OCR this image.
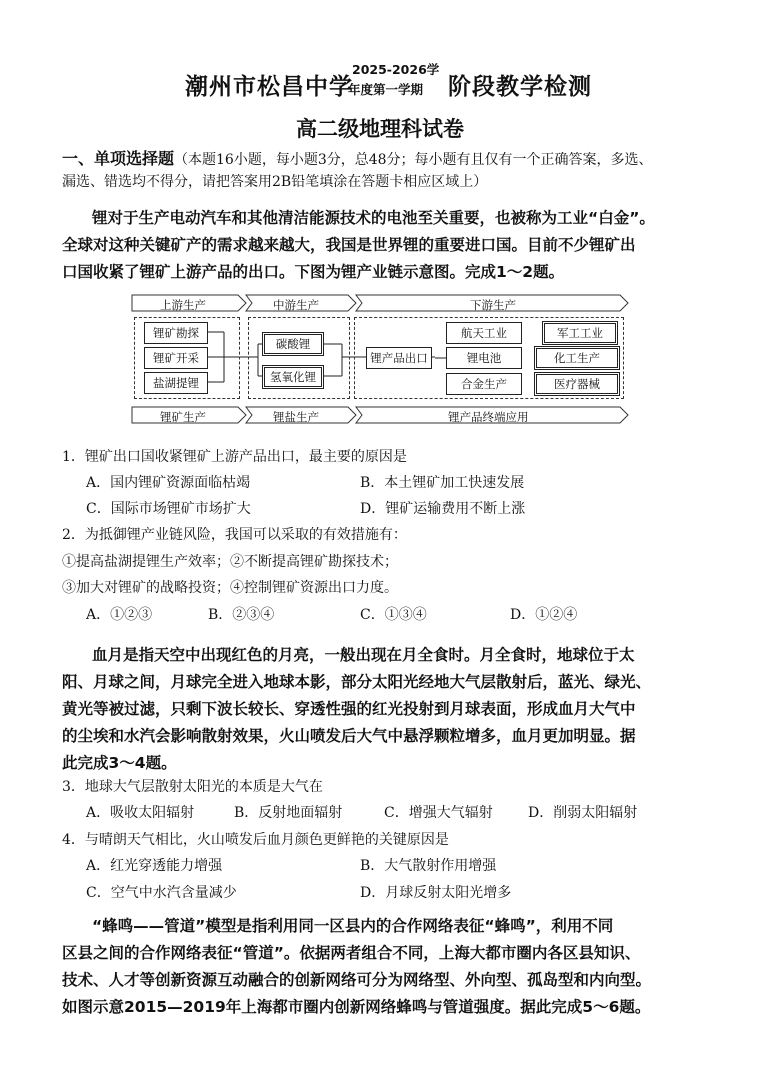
潮州市松昌中学
2025-2026学
年度第一学期 阶段教学检测
高二级地理科试卷
一、单项选择题（本题16小题，每小题3分，总48分；每小题有且仅有一个正确答案，多选、
漏选、错选均不得分，请把答案用2B铅笔填涂在答题卡相应区域上）
锂对于生产电动汽车和其他清洁能源技术的电池至关重要，也被称为工业“白金”。
全球对这种关键矿产的需求越来越大，我国是世界锂的重要进口国。目前不少锂矿出
口国收紧了锂矿上游产品的出口。下图为锂产业链示意图。完成1～2题。
上游生产	中游生产	下游生产
锂矿勘探
锂矿开采
盐湖提锂
碳酸锂
氢氧化锂
锂产品出口
航天工业	军工工业
锂电池	化工生产
合金生产	医疗器械
锂矿生产	锂盐生产	锂产品终端应用
1．锂矿出口国收紧锂矿上游产品出口，最主要的原因是
A．国内锂矿资源面临枯竭	B．本土锂矿加工快速发展
C．国际市场锂矿市场扩大	D．锂矿运输费用不断上涨
2．为抵御锂产业链风险，我国可以采取的有效措施有：
①提高盐湖提锂生产效率；②不断提高锂矿勘探技术；
③加大对锂矿的战略投资；④控制锂矿资源出口力度。
A．①②③	B．②③④	C．①③④	D．①②④
血月是指天空中出现红色的月亮，一般出现在月全食时。月全食时，地球位于太
阳、月球之间，月球完全进入地球本影，部分太阳光经地大气层散射后，蓝光、绿光、
黄光等被过滤，只剩下波长较长、穿透性强的红光投射到月球表面，形成血月大气中
的尘埃和水汽会影响散射效果，火山喷发后大气中悬浮颗粒增多，血月更加明显。据
此完成3～4题。
3．地球大气层散射太阳光的本质是大气在
A．吸收太阳辐射	B．反射地面辐射	C．增强大气辐射	D．削弱太阳辐射
4．与晴朗天气相比，火山喷发后血月颜色更鲜艳的关键原因是
A．红光穿透能力增强	B．大气散射作用增强
C．空气中水汽含量减少	D．月球反射太阳光增多
“蜂鸣——管道”模型是指利用同一区县内的合作网络表征“蜂鸣”，利用不同
区县之间的合作网络表征“管道”。依据两者组合不同，上海大都市圈内各区县知识、
技术、人才等创新资源互动融合的创新网络可分为网络型、外向型、孤岛型和内向型。
如图示意2015—2019年上海都市圈内创新网络蜂鸣与管道强度。据此完成5～6题。
